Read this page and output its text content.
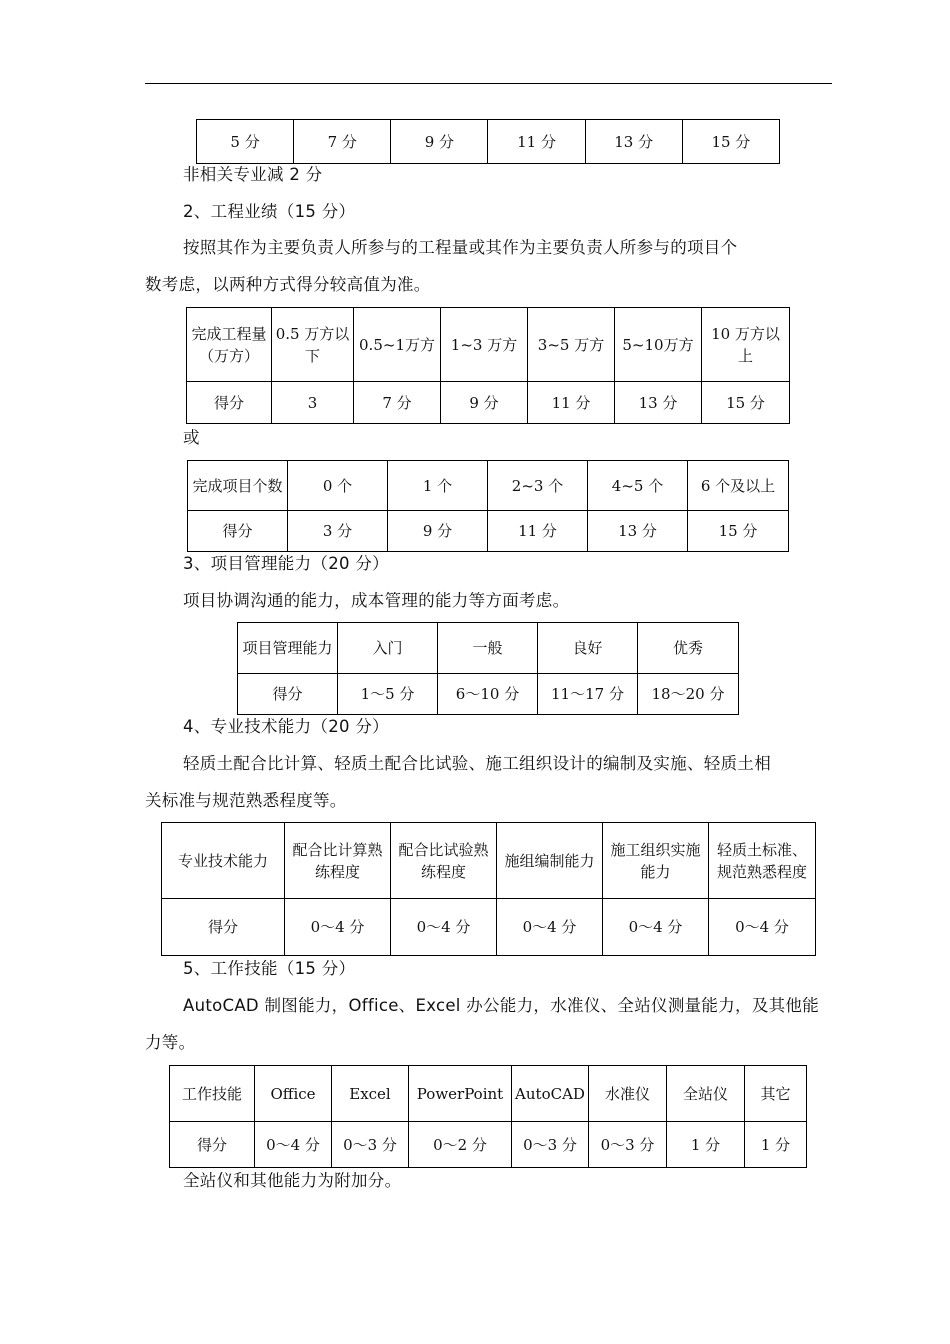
5 分	7 分	9 分	11 分	13 分	15 分
非相关专业减 2 分
2、工程业绩（15 分）
按照其作为主要负责人所参与的工程量或其作为主要负责人所参与的项目个
数考虑，以两种方式得分较高值为准。
完成工程量（万方）	0.5 万方以下	0.5~1万方	1~3 万方	3~5 万方	5~10万方	10 万方以上
得分	3	7 分	9 分	11 分	13 分	15 分
或
完成项目个数	0 个	1 个	2~3 个	4~5 个	6 个及以上
得分	3 分	9 分	11 分	13 分	15 分
3、项目管理能力（20 分）
项目协调沟通的能力，成本管理的能力等方面考虑。
项目管理能力	入门	一般	良好	优秀
得分	1～5 分	6～10 分	11～17 分	18～20 分
4、专业技术能力（20 分）
轻质土配合比计算、轻质土配合比试验、施工组织设计的编制及实施、轻质土相
关标准与规范熟悉程度等。
专业技术能力	配合比计算熟练程度	配合比试验熟练程度	施组编制能力	施工组织实施能力	轻质土标准、规范熟悉程度
得分	0～4 分	0～4 分	0～4 分	0～4 分	0～4 分
5、工作技能（15 分）
AutoCAD 制图能力，Office、Excel 办公能力，水准仪、全站仪测量能力，及其他能
力等。
工作技能	Office	Excel	PowerPoint	AutoCAD	水准仪	全站仪	其它
得分	0～4 分	0～3 分	0～2 分	0～3 分	0～3 分	1 分	1 分
全站仪和其他能力为附加分。
